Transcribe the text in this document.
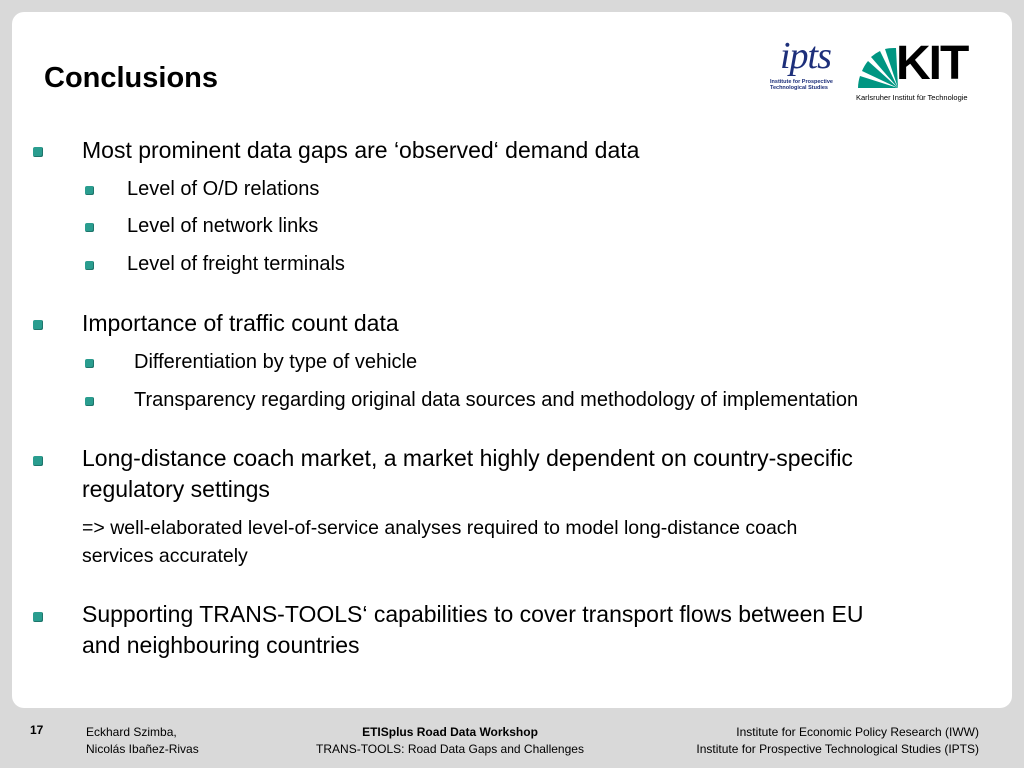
Conclusions
ipts
Institute for Prospective Technological Studies	KIT
Karlsruher Institut für Technologie
Most prominent data gaps are ‘observed‘ demand data
Level of O/D relations
Level of network links
Level of freight terminals
Importance of traffic count data
Differentiation by type of vehicle
Transparency regarding original data sources and methodology of implementation
Long-distance coach market, a market highly dependent on country-specific
regulatory settings
=> well-elaborated level-of-service analyses required to model long-distance coach
services accurately
Supporting TRANS-TOOLS‘ capabilities to cover transport flows between EU
and neighbouring countries
17	Eckhard Szimba,
Nicolás Ibañez-Rivas
ETISplus Road Data Workshop
TRANS-TOOLS: Road Data Gaps and Challenges
Institute for Economic Policy Research (IWW)
Institute for Prospective Technological Studies (IPTS)
